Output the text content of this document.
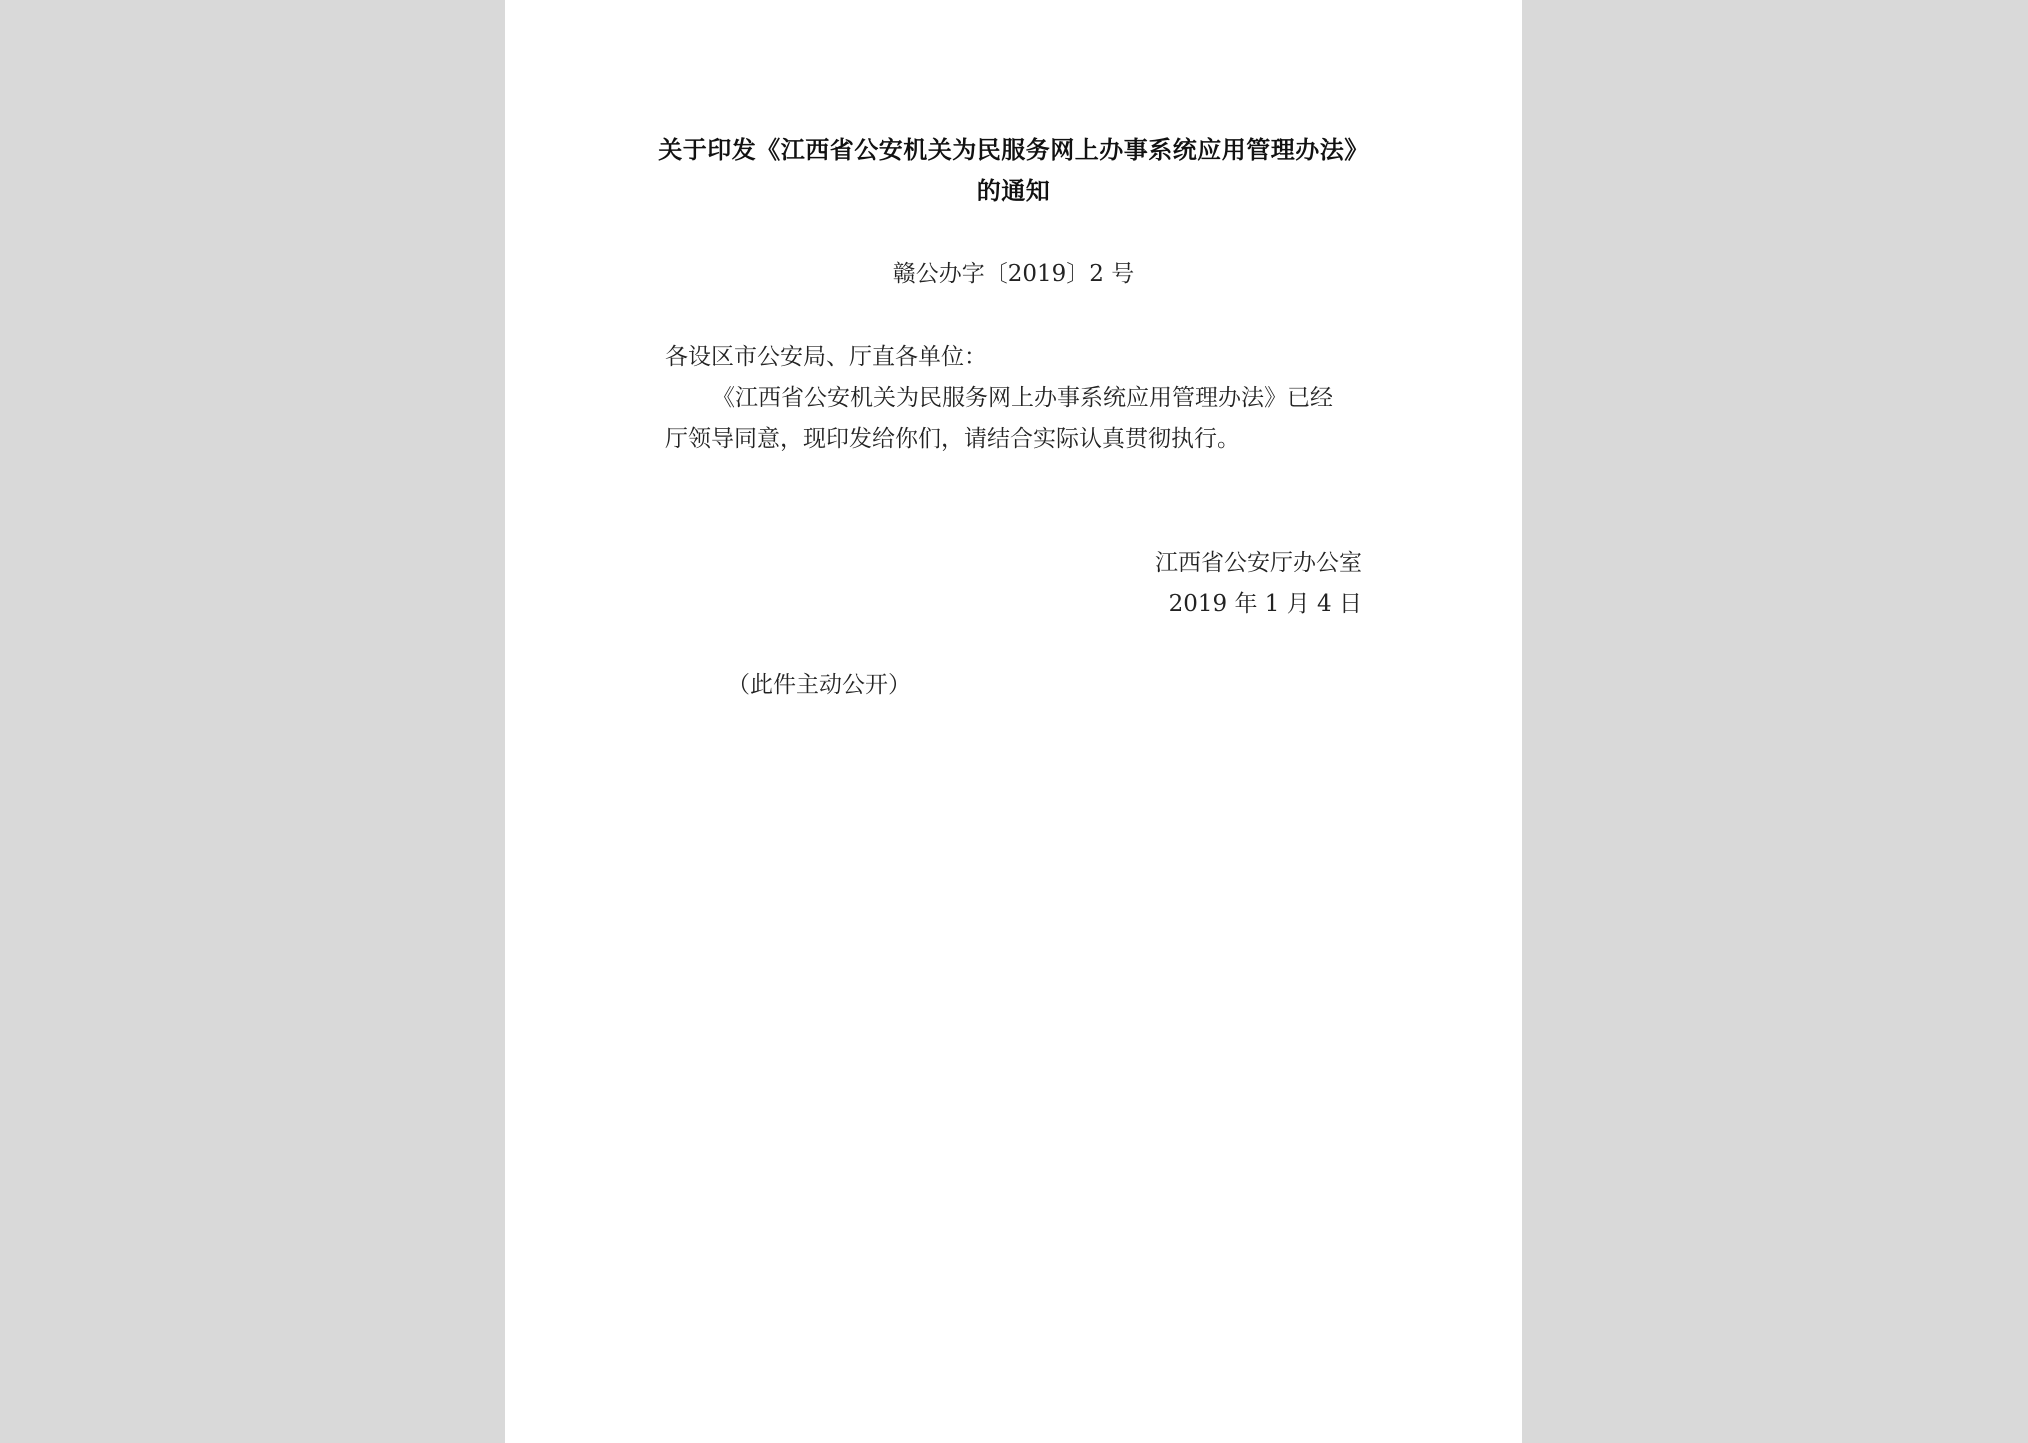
关于印发《江西省公安机关为民服务网上办事系统应用管理办法》
的通知
赣公办字〔2019〕2 号
各设区市公安局、厅直各单位：
《江西省公安机关为民服务网上办事系统应用管理办法》已经
厅领导同意，现印发给你们，请结合实际认真贯彻执行。
江西省公安厅办公室
2019 年 1 月 4 日
（此件主动公开）
